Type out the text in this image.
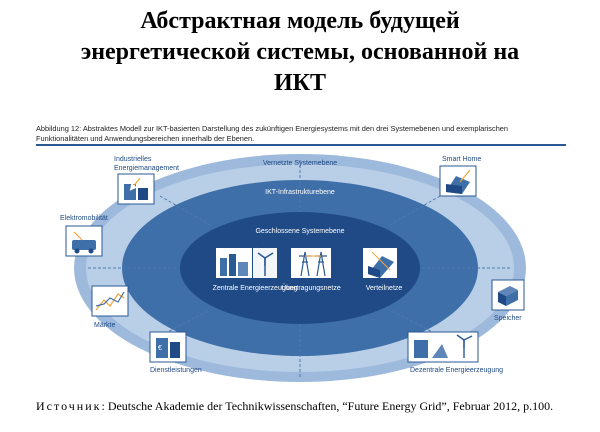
Абстрактная модель будущей
энергетической системы, основанной на
ИКТ
Abbildung 12: Abstraktes Modell zur IKT-basierten Darstellung des zukünftigen Energiesystems mit den drei Systemebenen und exemplarischen
Funktionalitäten und Anwendungsbereichen innerhalb der Ebenen.
Vernetzte Systemebene
IKT-Infrastrukturebene
Geschlossene Systemebene
Zentrale Energieerzeugung
Übertragungsnetze	Verteilnetze
Industrielles
Energiemanagement
Smart Home
Elektromobilität
Speicher
Märkte
€
Dienstleistungen	Dezentrale Energieerzeugung
Источник: Deutsche Akademie der Technikwissenschaften, “Future Energy Grid”, Februar 2012, p.100.
